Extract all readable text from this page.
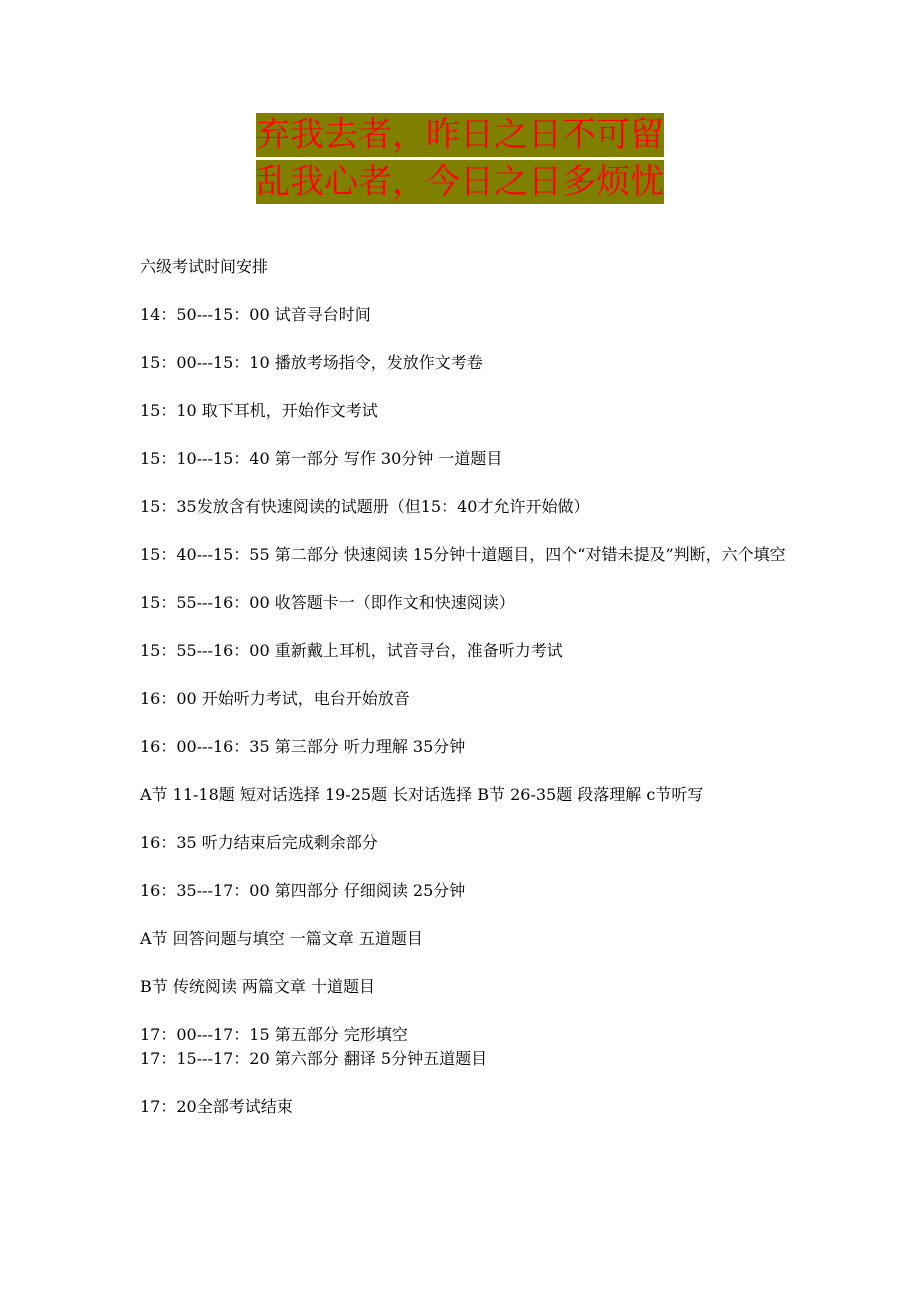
弃我去者，昨日之日不可留
乱我心者，今日之日多烦忧

六级考试时间安排

14：50---15：00 试音寻台时间

15：00---15：10 播放考场指令，发放作文考卷

15：10 取下耳机，开始作文考试

15：10---15：40 第一部分 写作 30分钟 一道题目

15：35发放含有快速阅读的试题册（但15：40才允许开始做）

15：40---15：55 第二部分 快速阅读 15分钟十道题目，四个“对错未提及”判断，六个填空

15：55---16：00 收答题卡一（即作文和快速阅读）

15：55---16：00 重新戴上耳机，试音寻台，准备听力考试

16：00 开始听力考试，电台开始放音

16：00---16：35 第三部分 听力理解 35分钟

A节 11-18题 短对话选择 19-25题 长对话选择 B节 26-35题 段落理解 c节听写

16：35 听力结束后完成剩余部分

16：35---17：00 第四部分 仔细阅读 25分钟

A节 回答问题与填空 一篇文章 五道题目

B节 传统阅读 两篇文章 十道题目

17：00---17：15 第五部分 完形填空

17：15---17：20 第六部分 翻译 5分钟五道题目

17：20全部考试结束
